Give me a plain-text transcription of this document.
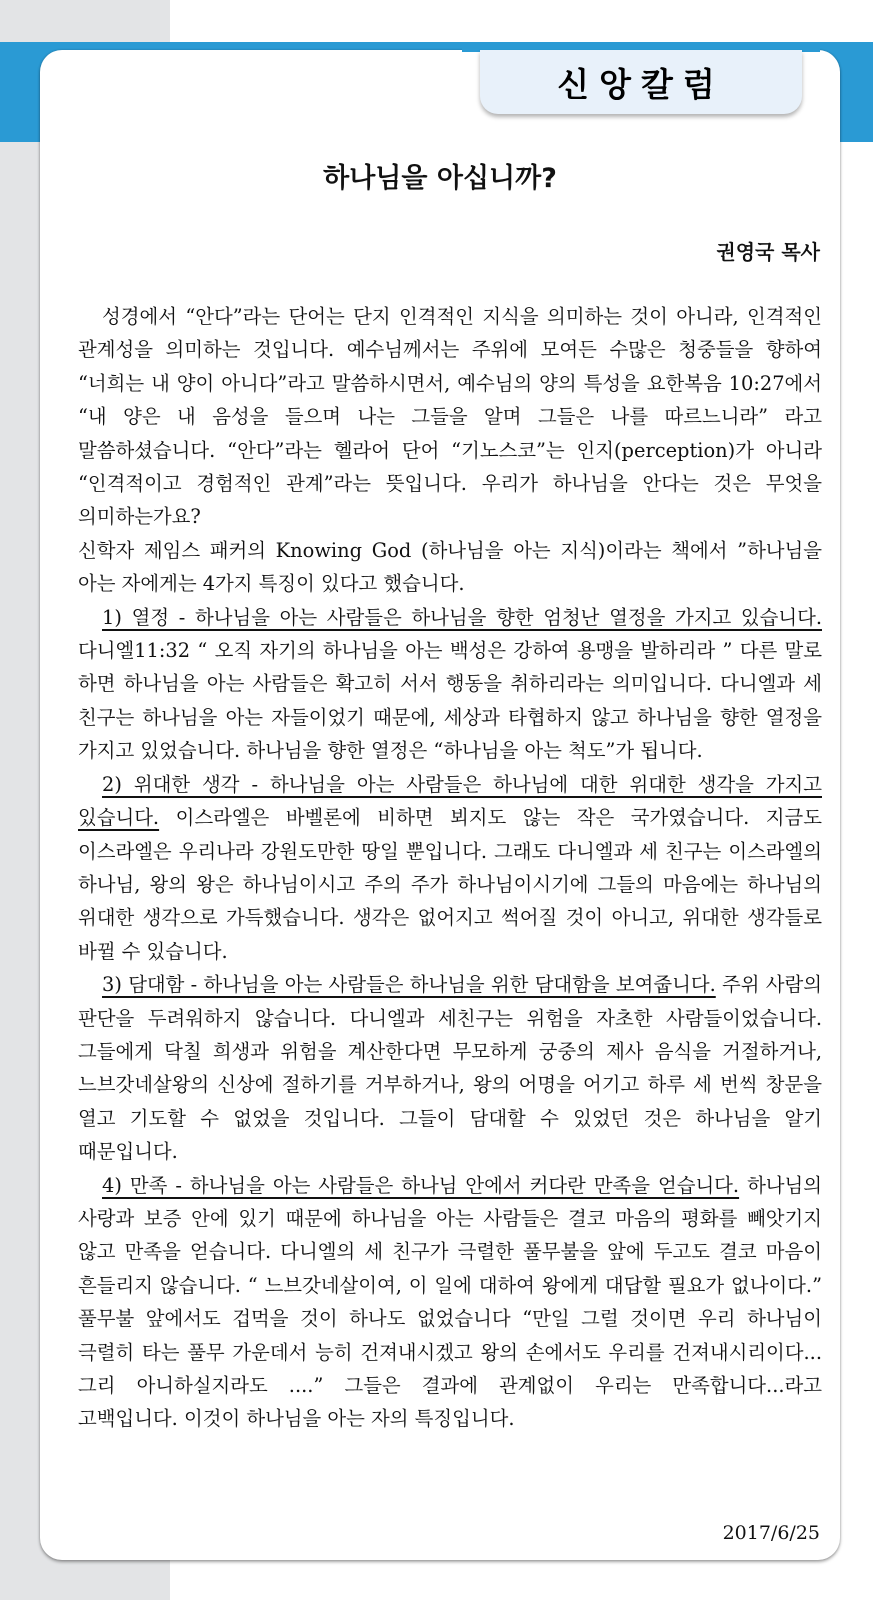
신앙칼럼
하나님을 아십니까?
권영국 목사

성경에서 “안다”라는 단어는 단지 인격적인 지식을 의미하는 것이 아니라, 인격적인 관계성을 의미하는 것입니다. 예수님께서는 주위에 모여든 수많은 청중들을 향하여 “너희는 내 양이 아니다”라고 말씀하시면서, 예수님의 양의 특성을 요한복음 10:27에서 “내 양은 내 음성을 들으며 나는 그들을 알며 그들은 나를 따르느니라” 라고 말씀하셨습니다. “안다”라는 헬라어 단어 “기노스코”는 인지(perception)가 아니라 “인격적이고 경험적인 관계”라는 뜻입니다. 우리가 하나님을 안다는 것은 무엇을 의미하는가요?

신학자 제임스 패커의 Knowing God (하나님을 아는 지식)이라는 책에서 ”하나님을 아는 자에게는 4가지 특징이 있다고 했습니다.

1) 열정 - 하나님을 아는 사람들은 하나님을 향한 엄청난 열정을 가지고 있습니다. 다니엘11:32 “ 오직 자기의 하나님을 아는 백성은 강하여 용맹을 발하리라 ” 다른 말로 하면 하나님을 아는 사람들은 확고히 서서 행동을 취하리라는 의미입니다. 다니엘과 세 친구는 하나님을 아는 자들이었기 때문에, 세상과 타협하지 않고 하나님을 향한 열정을 가지고 있었습니다. 하나님을 향한 열정은 “하나님을 아는 척도”가 됩니다.

2) 위대한 생각 - 하나님을 아는 사람들은 하나님에 대한 위대한 생각을 가지고 있습니다. 이스라엘은 바벨론에 비하면 뵈지도 않는 작은 국가였습니다. 지금도 이스라엘은 우리나라 강원도만한 땅일 뿐입니다. 그래도 다니엘과 세 친구는 이스라엘의 하나님, 왕의 왕은 하나님이시고 주의 주가 하나님이시기에 그들의 마음에는 하나님의 위대한 생각으로 가득했습니다. 생각은 없어지고 썩어질 것이 아니고, 위대한 생각들로 바뀔 수 있습니다.

3) 담대함 - 하나님을 아는 사람들은 하나님을 위한 담대함을 보여줍니다. 주위 사람의 판단을 두려워하지 않습니다. 다니엘과 세친구는 위험을 자초한 사람들이었습니다. 그들에게 닥칠 희생과 위험을 계산한다면 무모하게 궁중의 제사 음식을 거절하거나, 느브갓네살왕의 신상에 절하기를 거부하거나, 왕의 어명을 어기고 하루 세 번씩 창문을 열고 기도할 수 없었을 것입니다. 그들이 담대할 수 있었던 것은 하나님을 알기 때문입니다.

4) 만족 - 하나님을 아는 사람들은 하나님 안에서 커다란 만족을 얻습니다. 하나님의 사랑과 보증 안에 있기 때문에 하나님을 아는 사람들은 결코 마음의 평화를 빼앗기지 않고 만족을 얻습니다. 다니엘의 세 친구가 극렬한 풀무불을 앞에 두고도 결코 마음이 흔들리지 않습니다. “ 느브갓네살이여, 이 일에 대하여 왕에게 대답할 필요가 없나이다.” 풀무불 앞에서도 겁먹을 것이 하나도 없었습니다 “만일 그럴 것이면 우리 하나님이 극렬히 타는 풀무 가운데서 능히 건져내시겠고 왕의 손에서도 우리를 건져내시리이다... 그리 아니하실지라도 ....” 그들은 결과에 관계없이 우리는 만족합니다...라고 고백입니다. 이것이 하나님을 아는 자의 특징입니다.

2017/6/25
